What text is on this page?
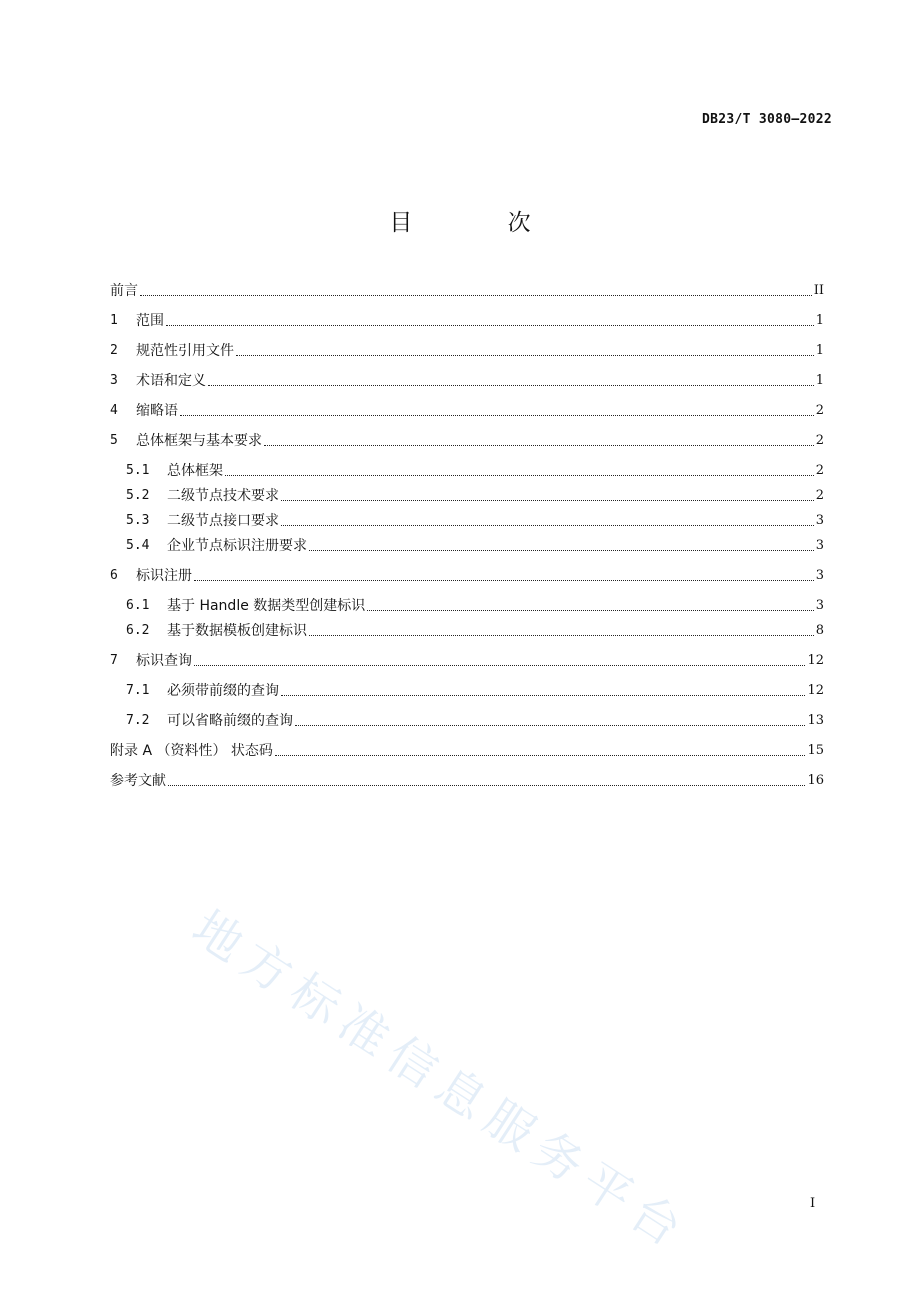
DB23/T 3080—2022
目 次
前言	II
1	范围	1
2	规范性引用文件	1
3	术语和定义	1
4	缩略语	2
5	总体框架与基本要求	2
5.1	总体框架	2
5.2	二级节点技术要求	2
5.3	二级节点接口要求	3
5.4	企业节点标识注册要求	3
6	标识注册	3
6.1	基于 Handle 数据类型创建标识	3
6.2	基于数据模板创建标识	8
7	标识查询	12
7.1	必须带前缀的查询	12
7.2	可以省略前缀的查询	13
附录 A （资料性） 状态码	15
参考文献	16
地方标准信息服务平台	I
